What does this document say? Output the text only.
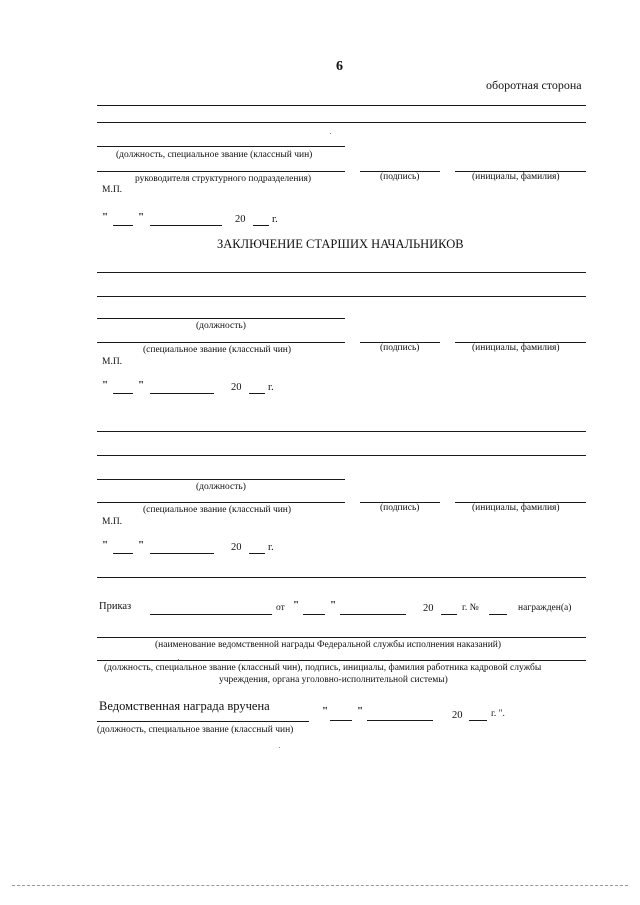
6
оборотная сторона
(должность, специальное звание (классный чин)
руководителя структурного подразделения)	(подпись)	(инициалы, фамилия)
М.П.
"	"	20	г.
ЗАКЛЮЧЕНИЕ СТАРШИХ НАЧАЛЬНИКОВ
(должность)
(специальное звание (классный чин)	(подпись)	(инициалы, фамилия)
М.П.
"	"	20	г.
(должность)
(специальное звание (классный чин)	(подпись)	(инициалы, фамилия)
М.П.
"	"	20	г.
Приказ	от "	"	20	г. №	награжден(а)
(наименование ведомственной награды Федеральной службы исполнения наказаний)
(должность, специальное звание (классный чин), подпись, инициалы, фамилия работника кадровой службы
учреждения, органа уголовно-исполнительной системы)
Ведомственная награда вручена	"	"	20	г. ".
(должность, специальное звание (классный чин)
